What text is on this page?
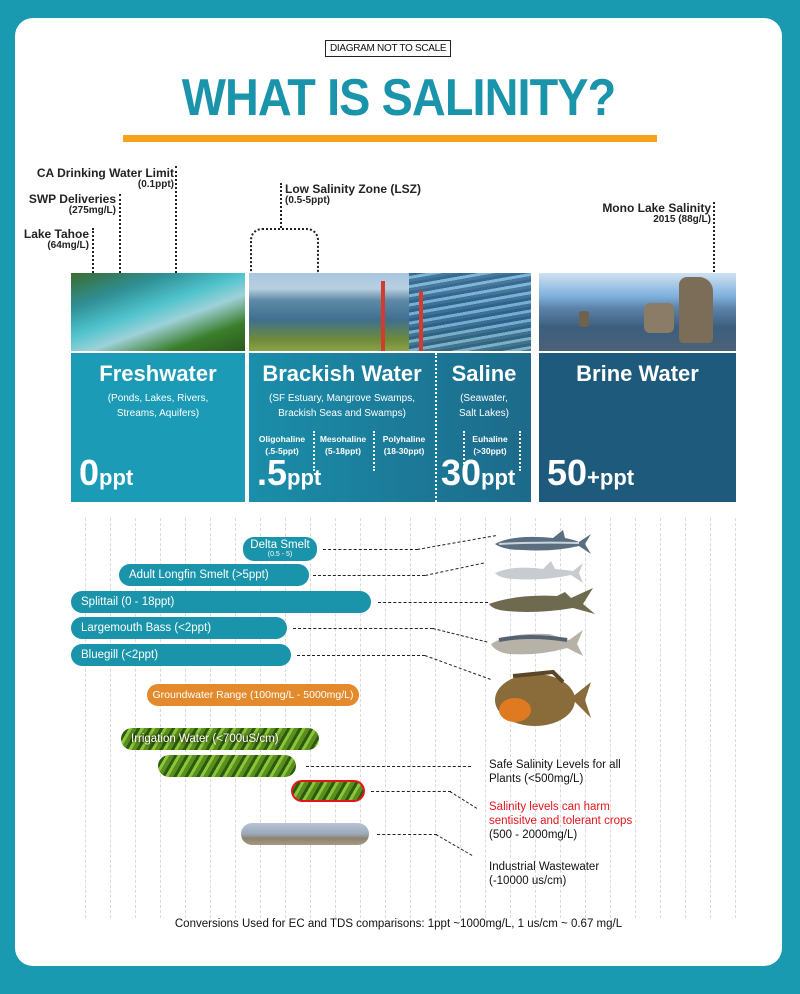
DIAGRAM NOT TO SCALE
WHAT IS SALINITY?
CA Drinking Water Limit
(0.1ppt)
SWP Deliveries
(275mg/L)
Lake Tahoe
(64mg/L)
Low Salinity Zone (LSZ)
(0.5-5ppt)
Mono Lake Salinity
2015 (88g/L)
Freshwater
(Ponds, Lakes, Rivers,
Streams, Aquifers)
0ppt
Brackish Water
(SF Estuary, Mangrove Swamps,
Brackish Seas and Swamps)
Oligohaline
(.5-5ppt)
Mesohaline
(5-18ppt)
Polyhaline
(18-30ppt)
.5ppt
Saline
(Seawater,
Salt Lakes)
Euhaline
(>30ppt)
30ppt
Brine Water
50+ppt
Delta Smelt
(0.5 - 5)
Adult Longfin Smelt (>5ppt)
Splittail (0 - 18ppt)
Largemouth Bass (<2ppt)
Bluegill (<2ppt)
Groundwater Range (100mg/L - 5000mg/L)
Irrigation Water (<700uS/cm)
Safe Salinity Levels for all
Plants (<500mg/L)
Salinity levels can harm
sentisitve and tolerant crops
(500 - 2000mg/L)
Industrial Wastewater
(-10000 us/cm)
Conversions Used for EC and TDS comparisons: 1ppt ~1000mg/L, 1 us/cm ~ 0.67 mg/L
